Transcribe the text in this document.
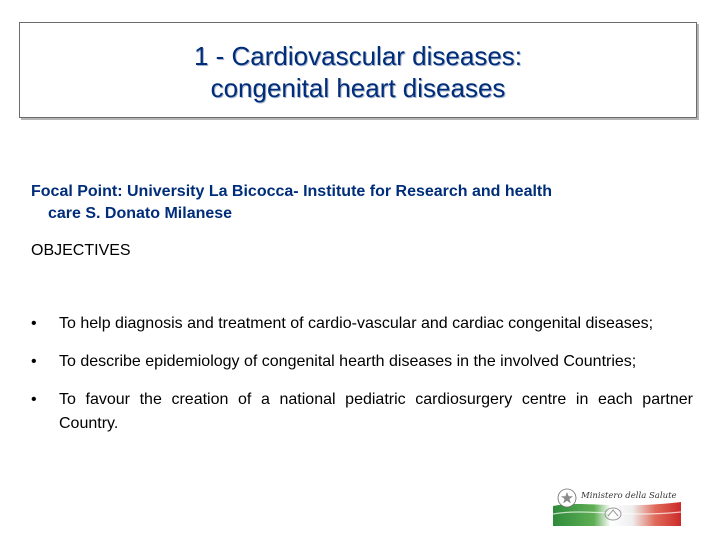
1 - Cardiovascular diseases:
congenital heart diseases
Focal Point: University La Bicocca- Institute for Research and health
care S. Donato Milanese
OBJECTIVES
• To help diagnosis and treatment of cardio-vascular and cardiac congenital diseases;
• To describe epidemiology of congenital hearth diseases in the involved Countries;
• To favour the creation of a national pediatric cardiosurgery centre in each partner Country.
Ministero della Salute
